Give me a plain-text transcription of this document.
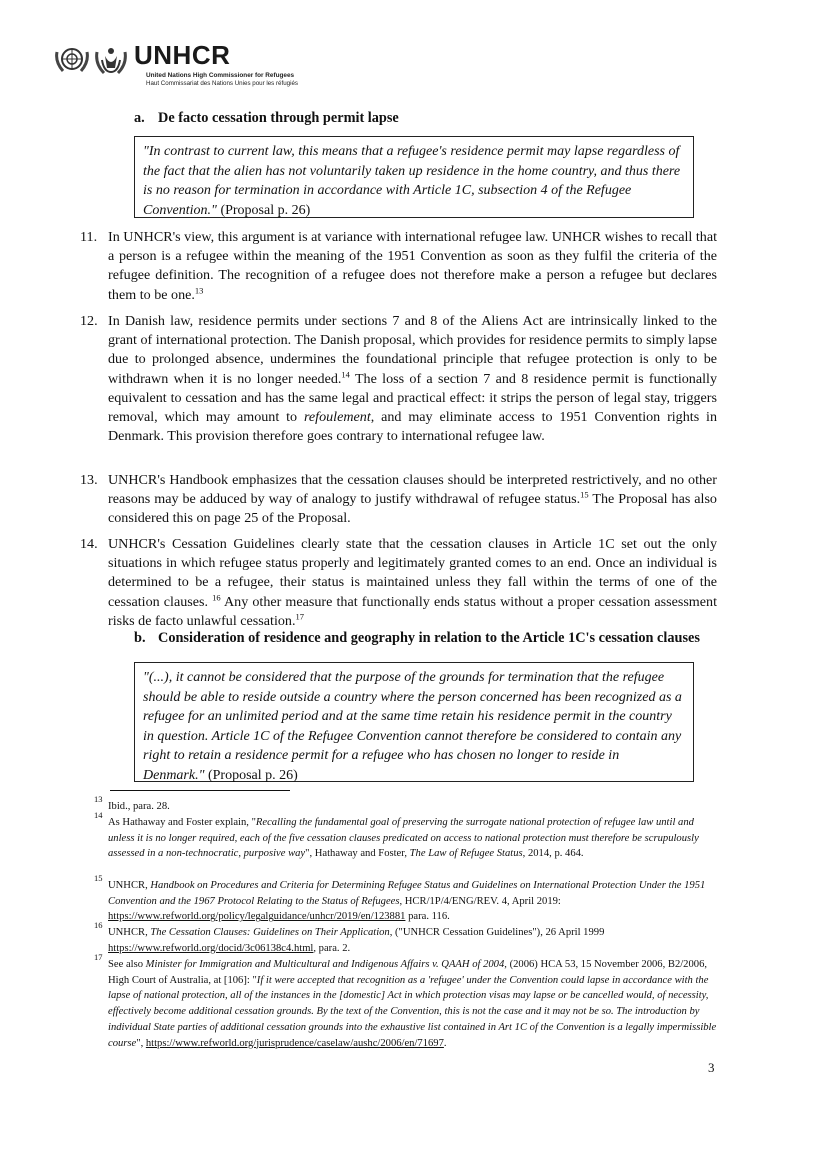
UNHCR
United Nations High Commissioner for Refugees
Haut Commissariat des Nations Unies pour les réfugiés
a. De facto cessation through permit lapse
"In contrast to current law, this means that a refugee's residence permit may lapse regardless of the fact that the alien has not voluntarily taken up residence in the home country, and thus there is no reason for termination in accordance with Article 1C, subsection 4 of the Refugee Convention." (Proposal p. 26)
11. In UNHCR's view, this argument is at variance with international refugee law. UNHCR wishes to recall that a person is a refugee within the meaning of the 1951 Convention as soon as they fulfil the criteria of the refugee definition. The recognition of a refugee does not therefore make a person a refugee but declares them to be one.$^{13}$
12. In Danish law, residence permits under sections 7 and 8 of the Aliens Act are intrinsically linked to the grant of international protection. The Danish proposal, which provides for residence permits to simply lapse due to prolonged absence, undermines the foundational principle that refugee protection is only to be withdrawn when it is no longer needed.$^{14}$ The loss of a section 7 and 8 residence permit is functionally equivalent to cessation and has the same legal and practical effect: it strips the person of legal stay, triggers removal, which may amount to refoulement, and may eliminate access to 1951 Convention rights in Denmark. This provision therefore goes contrary to international refugee law.
13. UNHCR's Handbook emphasizes that the cessation clauses should be interpreted restrictively, and no other reasons may be adduced by way of analogy to justify withdrawal of refugee status.$^{15}$ The Proposal has also considered this on page 25 of the Proposal.
14. UNHCR's Cessation Guidelines clearly state that the cessation clauses in Article 1C set out the only situations in which refugee status properly and legitimately granted comes to an end. Once an individual is determined to be a refugee, their status is maintained unless they fall within the terms of one of the cessation clauses. $^{16}$ Any other measure that functionally ends status without a proper cessation assessment risks de facto unlawful cessation.$^{17}$
b. Consideration of residence and geography in relation to the Article 1C's cessation clauses
"(...), it cannot be considered that the purpose of the grounds for termination that the refugee should be able to reside outside a country where the person concerned has been recognized as a refugee for an unlimited period and at the same time retain his residence permit in the country in question. Article 1C of the Refugee Convention cannot therefore be considered to contain any right to retain a residence permit for a refugee who has chosen no longer to reside in Denmark." (Proposal p. 26)
13
Ibid., para. 28.
14
As Hathaway and Foster explain, "Recalling the fundamental goal of preserving the surrogate national protection of refugee law until and unless it is no longer required, each of the five cessation clauses predicated on access to national protection must therefore be scrupulously assessed in a non-technocratic, purposive way", Hathaway and Foster, The Law of Refugee Status, 2014, p. 464.
15
UNHCR, Handbook on Procedures and Criteria for Determining Refugee Status and Guidelines on International Protection Under the 1951 Convention and the 1967 Protocol Relating to the Status of Refugees, HCR/1P/4/ENG/REV. 4, April 2019: https://www.refworld.org/policy/legalguidance/unhcr/2019/en/123881 para. 116.
16
UNHCR, The Cessation Clauses: Guidelines on Their Application, ("UNHCR Cessation Guidelines"), 26 April 1999 https://www.refworld.org/docid/3c06138c4.html, para. 2.
17
See also Minister for Immigration and Multicultural and Indigenous Affairs v. QAAH of 2004, (2006) HCA 53, 15 November 2006, B2/2006, High Court of Australia, at [106]: "If it were accepted that recognition as a 'refugee' under the Convention could lapse in accordance with the lapse of national protection, all of the instances in the [domestic] Act in which protection visas may lapse or be cancelled would, of necessity, effectively become additional cessation grounds. By the text of the Convention, this is not the case and it may not be so. The introduction by individual State parties of additional cessation grounds into the exhaustive list contained in Art 1C of the Convention is a legally impermissible course", https://www.refworld.org/jurisprudence/caselaw/aushc/2006/en/71697.
3
